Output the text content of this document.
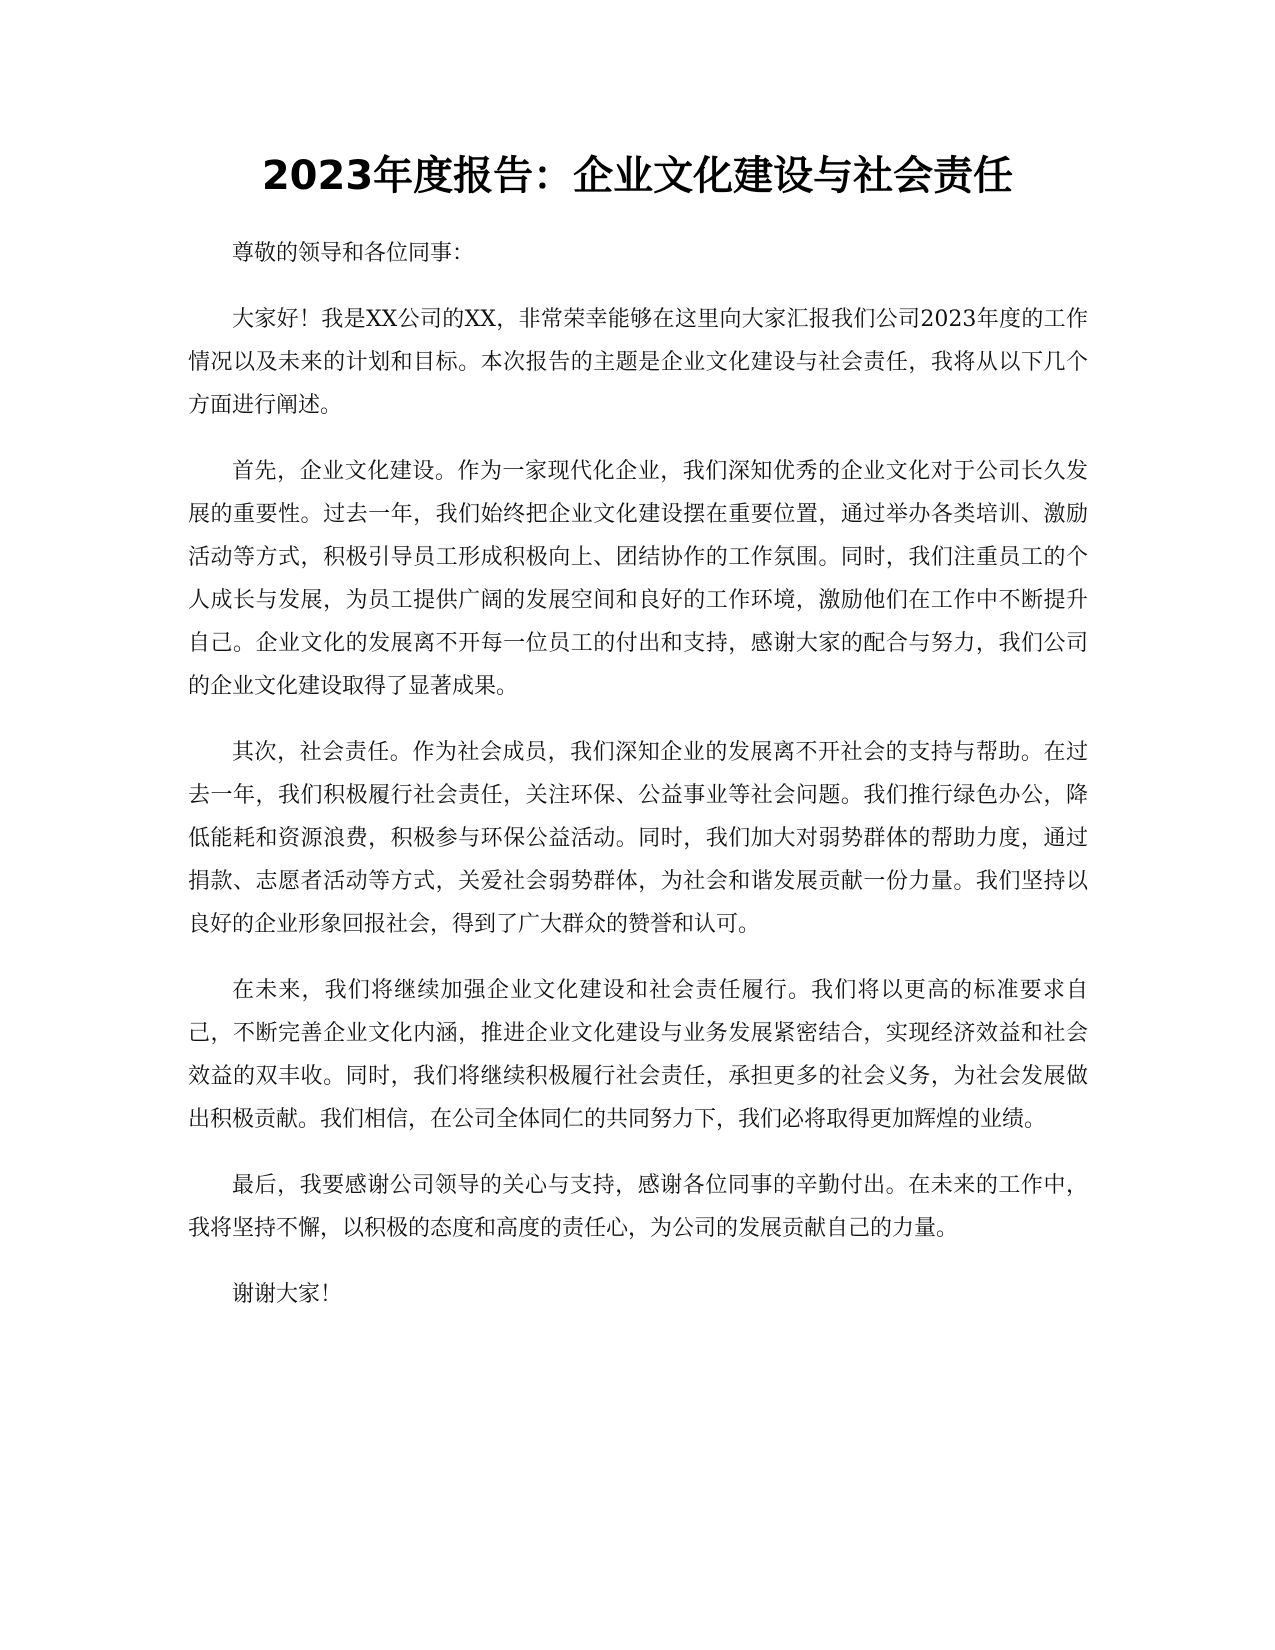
2023年度报告：企业文化建设与社会责任

尊敬的领导和各位同事：

大家好！我是XX公司的XX，非常荣幸能够在这里向大家汇报我们公司2023年度的工作情况以及未来的计划和目标。本次报告的主题是企业文化建设与社会责任，我将从以下几个方面进行阐述。

首先，企业文化建设。作为一家现代化企业，我们深知优秀的企业文化对于公司长久发展的重要性。过去一年，我们始终把企业文化建设摆在重要位置，通过举办各类培训、激励活动等方式，积极引导员工形成积极向上、团结协作的工作氛围。同时，我们注重员工的个人成长与发展，为员工提供广阔的发展空间和良好的工作环境，激励他们在工作中不断提升自己。企业文化的发展离不开每一位员工的付出和支持，感谢大家的配合与努力，我们公司的企业文化建设取得了显著成果。

其次，社会责任。作为社会成员，我们深知企业的发展离不开社会的支持与帮助。在过去一年，我们积极履行社会责任，关注环保、公益事业等社会问题。我们推行绿色办公，降低能耗和资源浪费，积极参与环保公益活动。同时，我们加大对弱势群体的帮助力度，通过捐款、志愿者活动等方式，关爱社会弱势群体，为社会和谐发展贡献一份力量。我们坚持以良好的企业形象回报社会，得到了广大群众的赞誉和认可。

在未来，我们将继续加强企业文化建设和社会责任履行。我们将以更高的标准要求自己，不断完善企业文化内涵，推进企业文化建设与业务发展紧密结合，实现经济效益和社会效益的双丰收。同时，我们将继续积极履行社会责任，承担更多的社会义务，为社会发展做出积极贡献。我们相信，在公司全体同仁的共同努力下，我们必将取得更加辉煌的业绩。

最后，我要感谢公司领导的关心与支持，感谢各位同事的辛勤付出。在未来的工作中，我将坚持不懈，以积极的态度和高度的责任心，为公司的发展贡献自己的力量。

谢谢大家！
